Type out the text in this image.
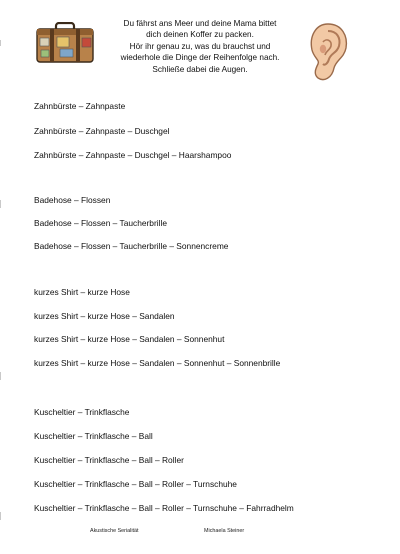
Du fährst ans Meer und deine Mama bittet
dich deinen Koffer zu packen.
Hör ihr genau zu, was du brauchst und
wiederhole die Dinge der Reihenfolge nach.
Schließe dabei die Augen.
Zahnbürste – Zahnpaste
Zahnbürste – Zahnpaste – Duschgel
Zahnbürste – Zahnpaste – Duschgel – Haarshampoo
Badehose – Flossen
Badehose – Flossen – Taucherbrille
Badehose – Flossen – Taucherbrille – Sonnencreme
kurzes Shirt – kurze Hose
kurzes Shirt – kurze Hose – Sandalen
kurzes Shirt – kurze Hose – Sandalen – Sonnenhut
kurzes Shirt – kurze Hose – Sandalen – Sonnenhut – Sonnenbrille
Kuscheltier – Trinkflasche
Kuscheltier – Trinkflasche – Ball
Kuscheltier – Trinkflasche – Ball – Roller
Kuscheltier – Trinkflasche – Ball – Roller – Turnschuhe
Kuscheltier – Trinkflasche – Ball – Roller – Turnschuhe – Fahrradhelm
Akustische Serialität	Michaela Steiner
